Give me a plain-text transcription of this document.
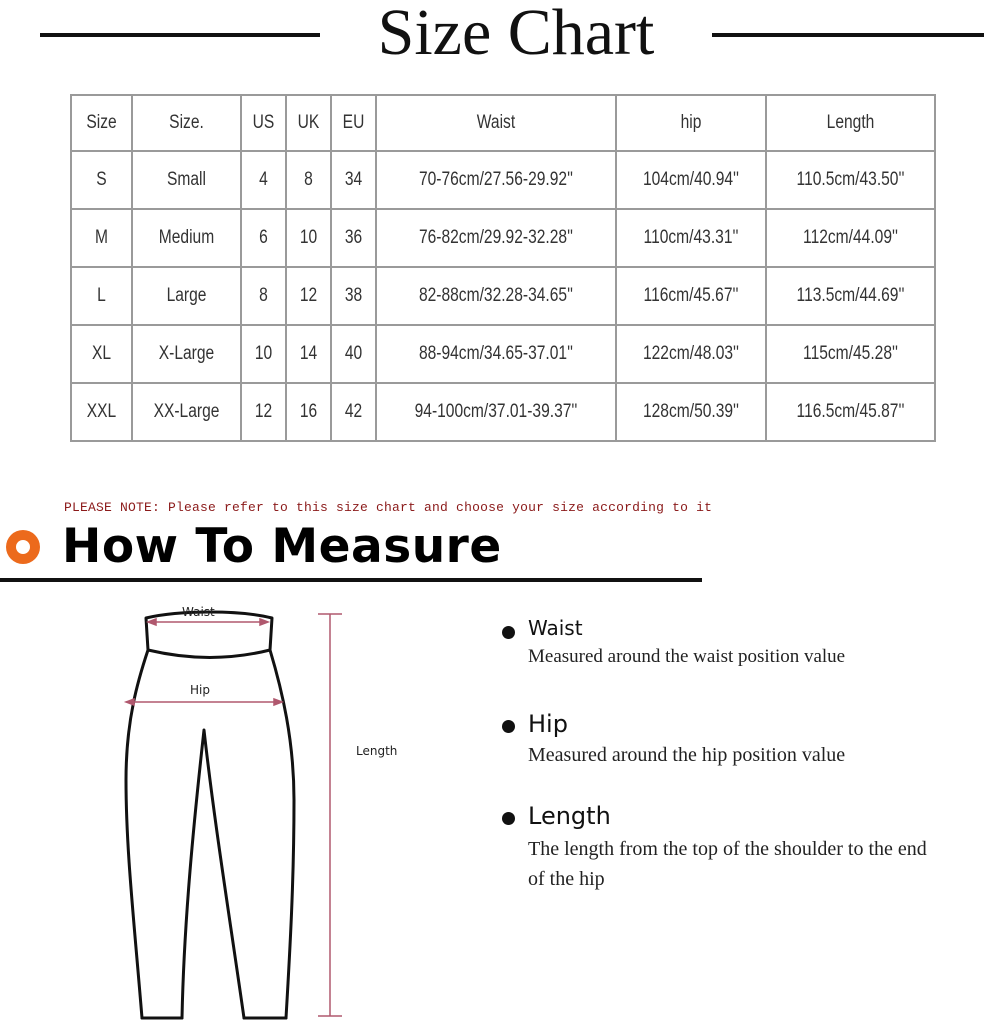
Size Chart
Size	Size.	US	UK	EU	Waist	hip	Length
S	Small	4	8	34	70-76cm/27.56-29.92''	104cm/40.94''	110.5cm/43.50''
M	Medium	6	10	36	76-82cm/29.92-32.28''	110cm/43.31''	112cm/44.09''
L	Large	8	12	38	82-88cm/32.28-34.65''	116cm/45.67''	113.5cm/44.69''
XL	X-Large	10	14	40	88-94cm/34.65-37.01''	122cm/48.03''	115cm/45.28''
XXL	XX-Large	12	16	42	94-100cm/37.01-39.37''	128cm/50.39''	116.5cm/45.87''
PLEASE NOTE: Please refer to this size chart and choose your size according to it
How To Measure
Waist
Hip
Length
Waist
Measured around the waist position value
Hip
Measured around the hip position value
Length
The length from the top of the shoulder to the end of the hip
